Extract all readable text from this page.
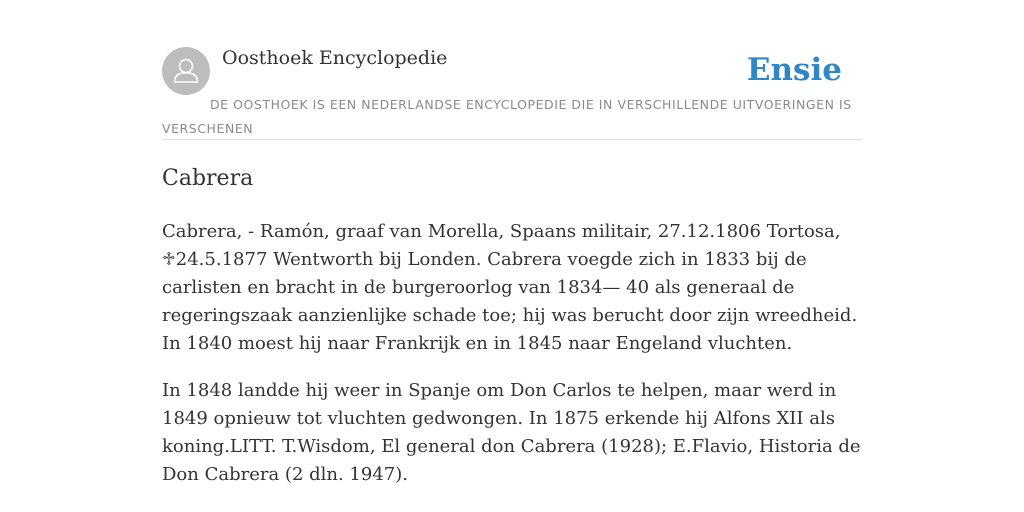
Oosthoek Encyclopedie	Ensie
DE OOSTHOEK IS EEN NEDERLANDSE ENCYCLOPEDIE DIE IN VERSCHILLENDE UITVOERINGEN IS VERSCHENEN
Cabrera

Cabrera, - Ramón, graaf van Morella, Spaans militair, 27.12.1806 Tortosa, ♱24.5.1877 Wentworth bij Londen. Cabrera voegde zich in 1833 bij de carlisten en bracht in de burgeroorlog van 1834— 40 als generaal de regeringszaak aanzienlijke schade toe; hij was berucht door zijn wreedheid. In 1840 moest hij naar Frankrijk en in 1845 naar Engeland vluchten.

In 1848 landde hij weer in Spanje om Don Carlos te helpen, maar werd in 1849 opnieuw tot vluchten gedwongen. In 1875 erkende hij Alfons XII als koning.LITT. T.Wisdom, El general don Cabrera (1928); E.Flavio, Historia de Don Cabrera (2 dln. 1947).
